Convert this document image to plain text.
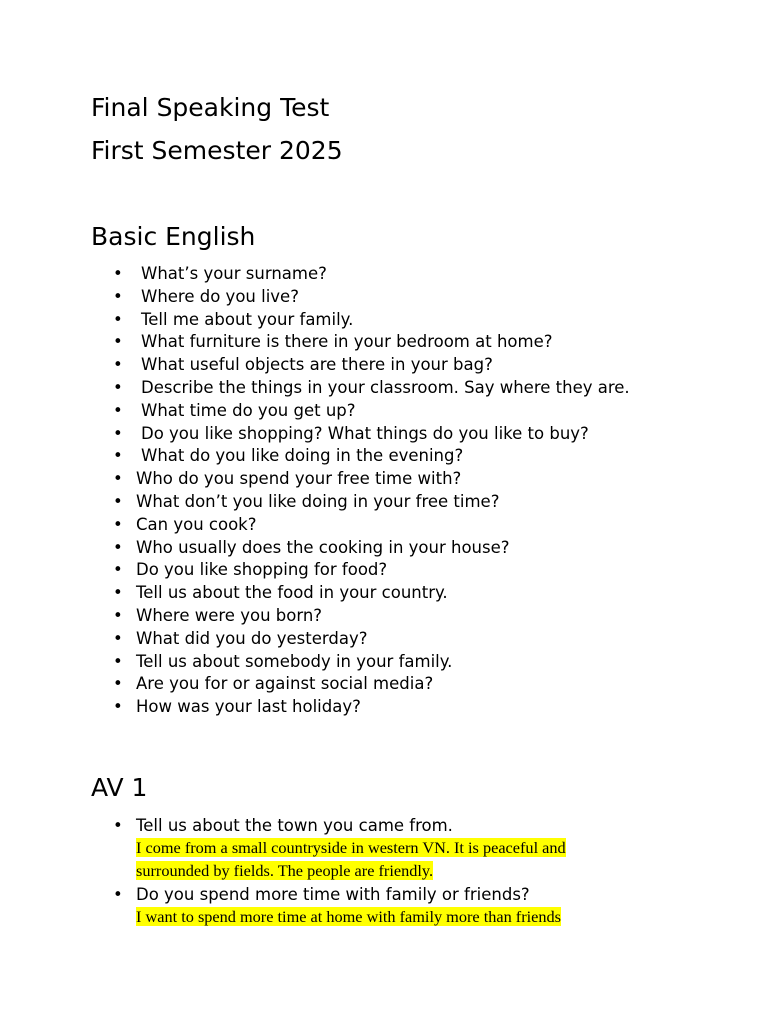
Final Speaking Test
First Semester 2025
Basic English
• What’s your surname?
• Where do you live?
• Tell me about your family.
• What furniture is there in your bedroom at home?
• What useful objects are there in your bag?
• Describe the things in your classroom. Say where they are.
• What time do you get up?
• Do you like shopping? What things do you like to buy?
• What do you like doing in the evening?
• Who do you spend your free time with?
• What don’t you like doing in your free time?
• Can you cook?
• Who usually does the cooking in your house?
• Do you like shopping for food?
• Tell us about the food in your country.
• Where were you born?
• What did you do yesterday?
• Tell us about somebody in your family.
• Are you for or against social media?
• How was your last holiday?
AV 1
• Tell us about the town you came from.
I come from a small countryside in western VN. It is peaceful and surrounded by fields. The people are friendly.
• Do you spend more time with family or friends?
I want to spend more time at home with family more than friends
